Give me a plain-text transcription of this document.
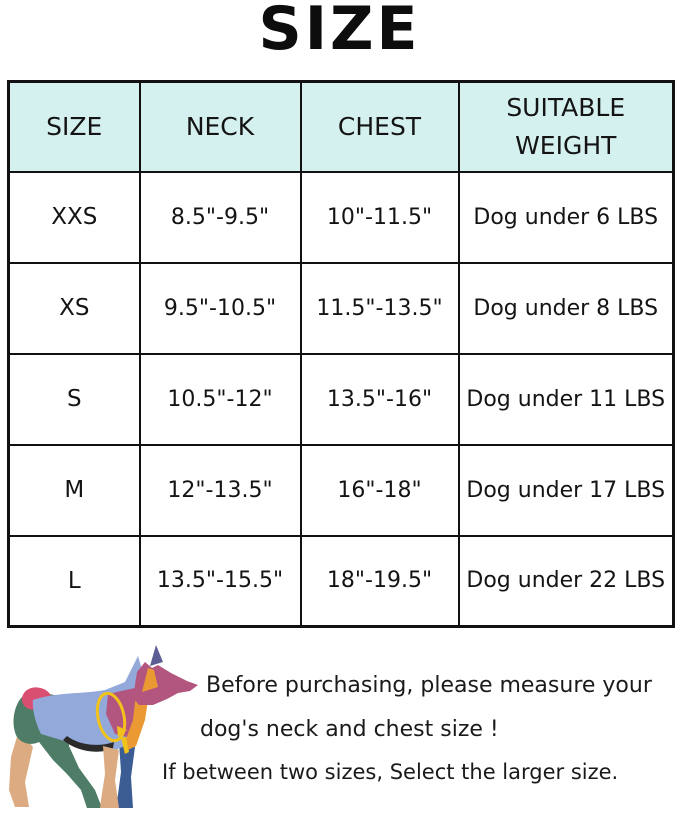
SIZE
SIZE	NECK	CHEST	SUITABLE WEIGHT
XXS	8.5"-9.5"	10"-11.5"	Dog under 6 LBS
XS	9.5"-10.5"	11.5"-13.5"	Dog under 8 LBS
S	10.5"-12"	13.5"-16"	Dog under 11 LBS
M	12"-13.5"	16"-18"	Dog under 17 LBS
L	13.5"-15.5"	18"-19.5"	Dog under 22 LBS
Before purchasing, please measure your
dog's neck and chest size !
If between two sizes, Select the larger size.
